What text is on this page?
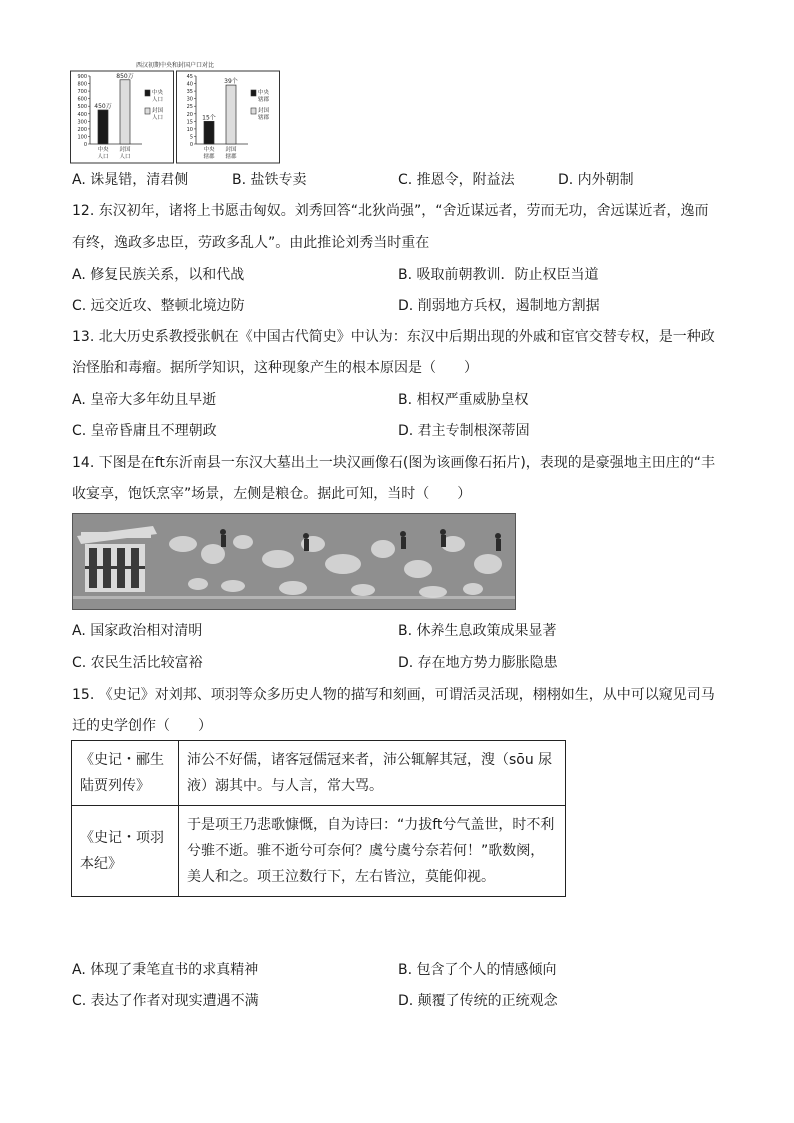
西汉初期中央和封国户口对比
0
100
200
300
400
500
600
700
800
900
450万
中央
人口
850万
封国
人口
中央
人口
封国
人口
0
5
10
15
20
25
30
35
40
45
15个
中央
辖郡
39个
封国
辖郡
中央
辖郡
封国
辖郡
A. 诛晁错，清君侧	B. 盐铁专卖	C. 推恩令，附益法	D. 内外朝制
12. 东汉初年，诸将上书愿击匈奴。刘秀回答“北狄尚强”，“舍近谋远者，劳而无功，舍远谋近者，逸而
有终，逸政多忠臣，劳政多乱人”。由此推论刘秀当时重在
A. 修复民族关系，以和代战	B. 吸取前朝教训．防止权臣当道
C. 远交近攻、整顿北境边防	D. 削弱地方兵权，遏制地方割据
13. 北大历史系教授张帆在《中国古代简史》中认为：东汉中后期出现的外戚和宦官交替专权，是一种政
治怪胎和毒瘤。据所学知识，这种现象产生的根本原因是（　　）
A. 皇帝大多年幼且早逝	B. 相权严重威胁皇权
C. 皇帝昏庸且不理朝政	D. 君主专制根深蒂固
14. 下图是在ft东沂南县一东汉大墓出土一块汉画像石(图为该画像石拓片)，表现的是豪强地主田庄的“丰
收宴享，饱饫烹宰”场景，左侧是粮仓。据此可知，当时（　　）
A. 国家政治相对清明	B. 休养生息政策成果显著
C. 农民生活比较富裕	D. 存在地方势力膨胀隐患
15. 《史记》对刘邦、项羽等众多历史人物的描写和刻画，可谓活灵活现，栩栩如生，从中可以窥见司马
迁的史学创作（　　）
《史记・郦生陆贾列传》	沛公不好儒，诸客冠儒冠来者，沛公辄解其冠，溲（sōu 尿液）溺其中。与人言，常大骂。
《史记・项羽本纪》	于是项王乃悲歌慷慨，自为诗曰：“力拔ft兮气盖世，时不利兮骓不逝。骓不逝兮可奈何？虞兮虞兮奈若何！”歌数阕，美人和之。项王泣数行下，左右皆泣，莫能仰视。
A. 体现了秉笔直书的求真精神	B. 包含了个人的情感倾向
C. 表达了作者对现实遭遇不满	D. 颠覆了传统的正统观念
